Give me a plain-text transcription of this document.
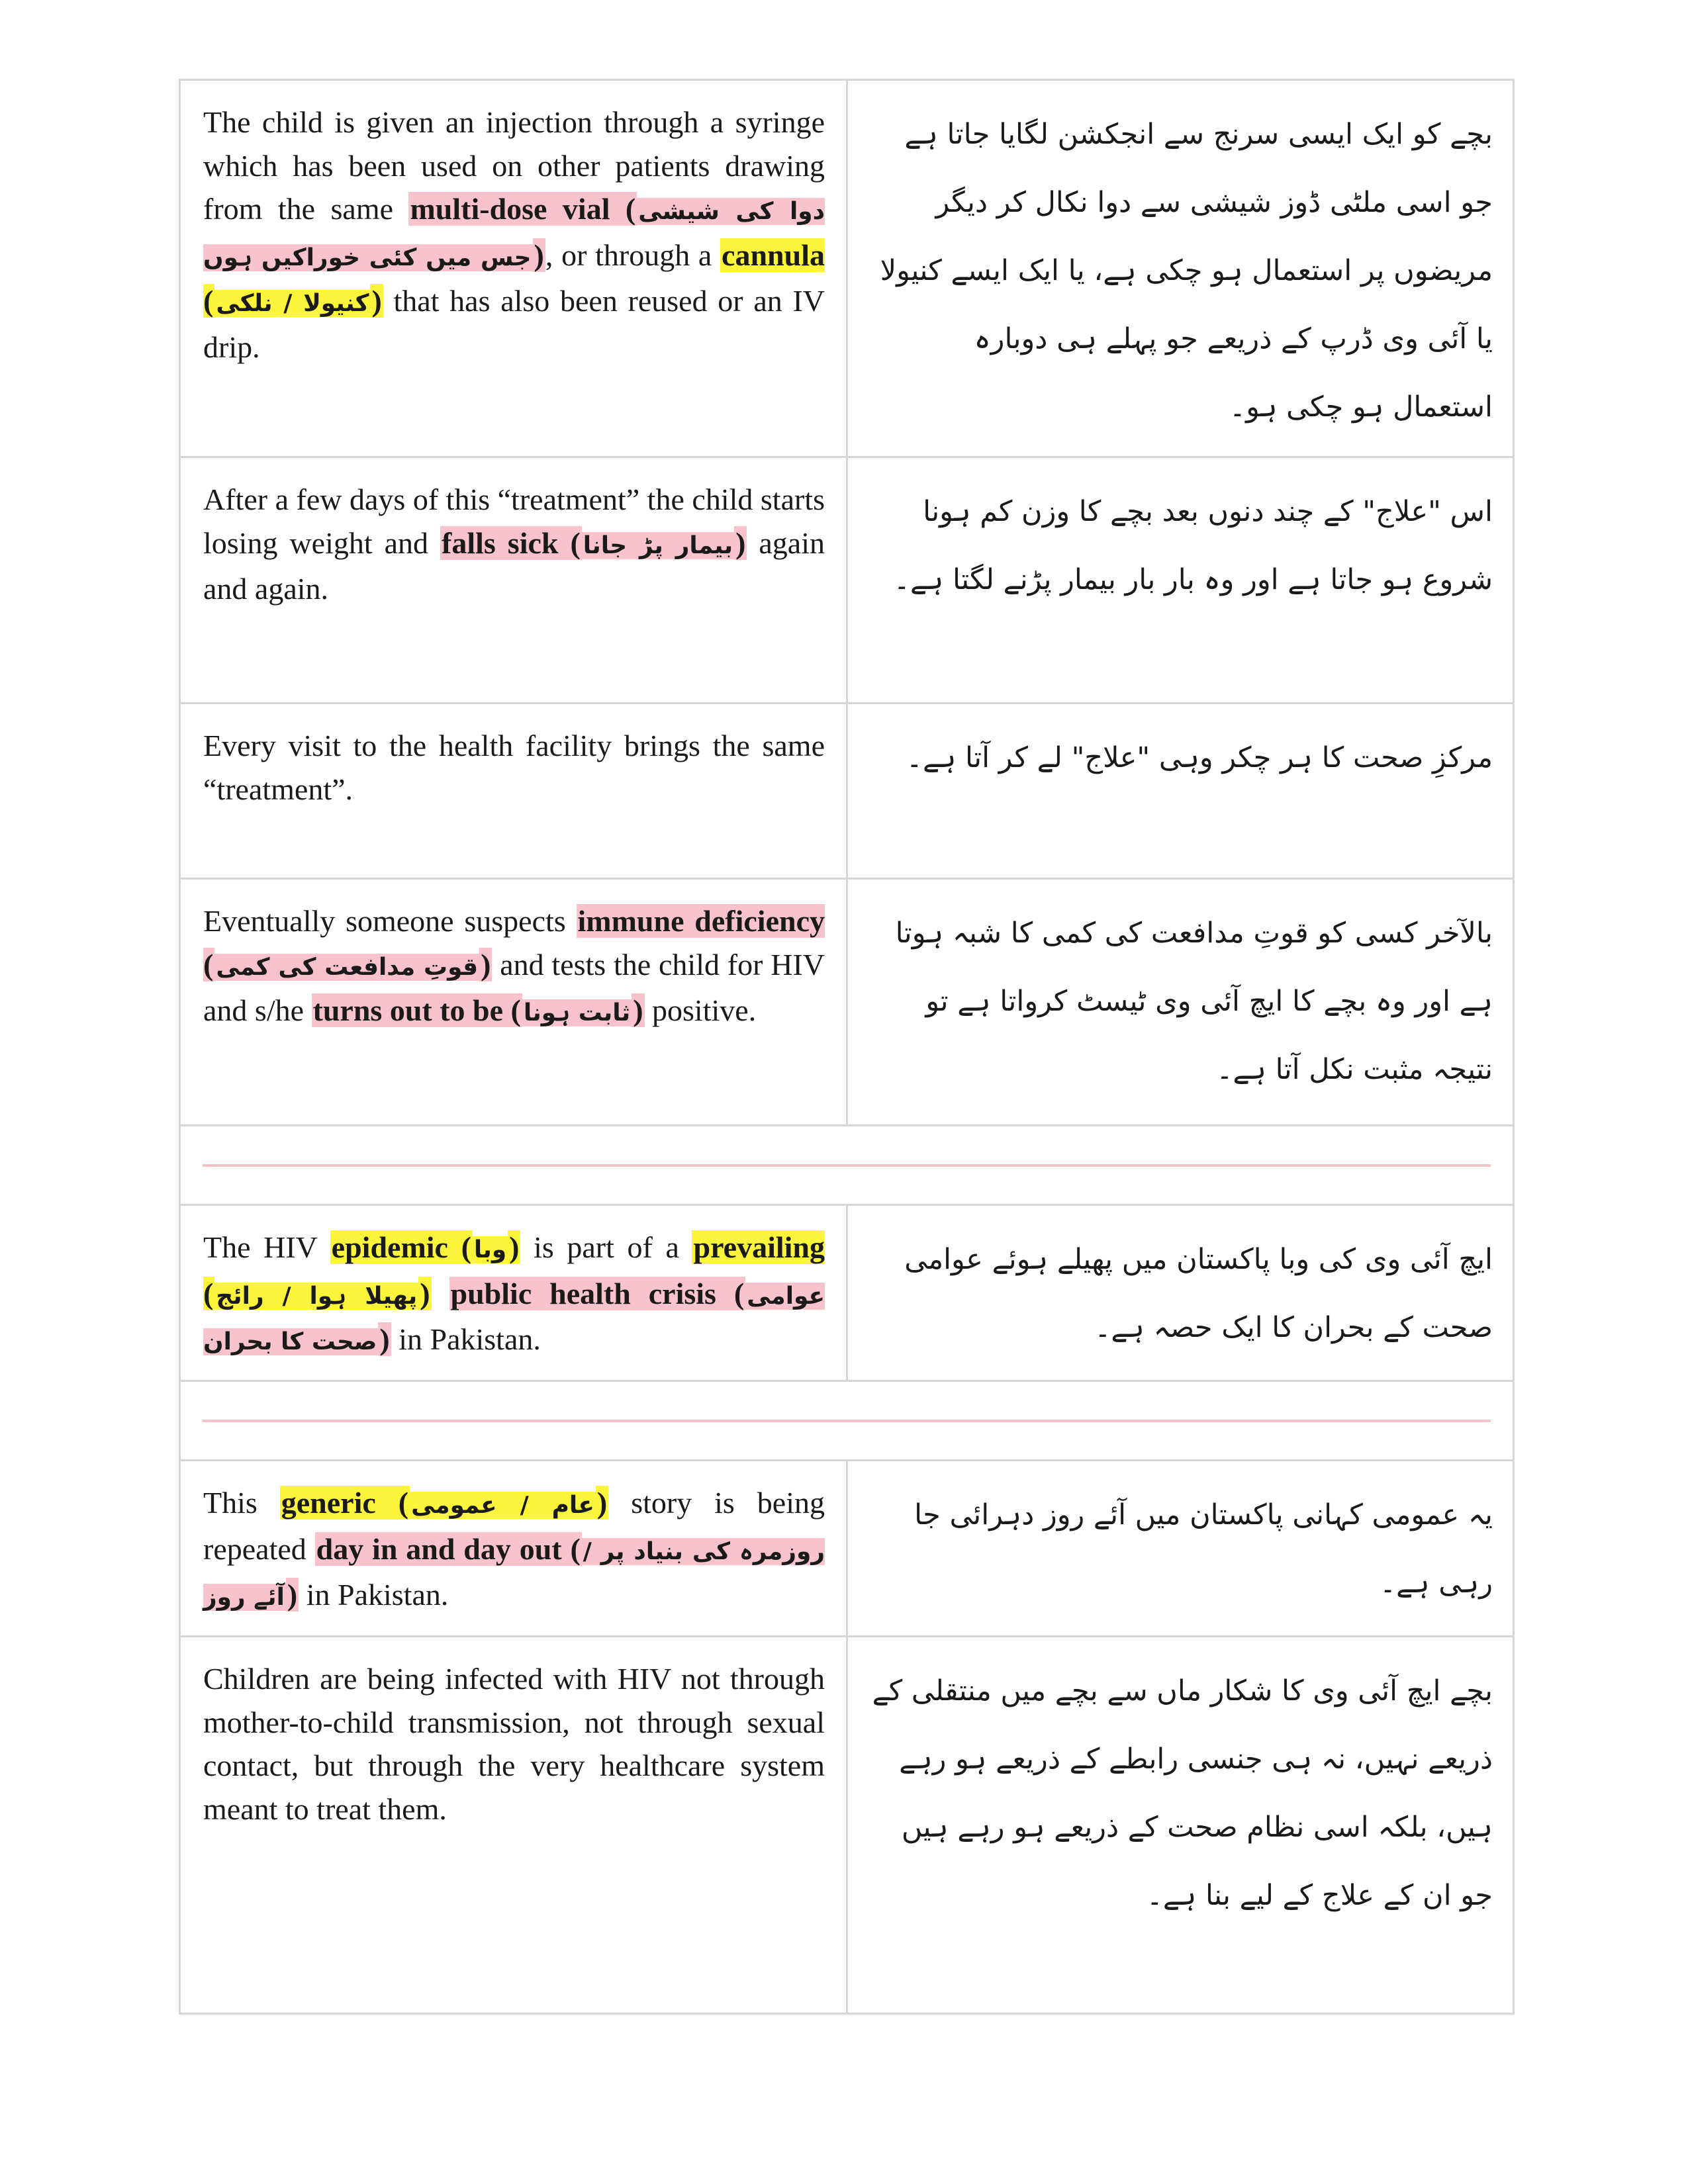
The child is given an injection through a syringe which has been used on other patients drawing from the same multi-dose vial ( دوا کی شیشی جس میں کئی خوراکیں ہوں), or through a cannula ( کنیولا / نلکی) that has also been reused or an IV drip.
بچے کو ایک ایسی سرنج سے انجکشن لگایا جاتا ہے جو اسی ملٹی ڈوز شیشی سے دوا نکال کر دیگر مریضوں پر استعمال ہو چکی ہے، یا ایک ایسے کنیولا یا آئی وی ڈرپ کے ذریعے جو پہلے ہی دوبارہ استعمال ہو چکی ہو۔
After a few days of this “treatment” the child starts losing weight and falls sick ( بیمار پڑ جانا) again and again.
اس "علاج" کے چند دنوں بعد بچے کا وزن کم ہونا شروع ہو جاتا ہے اور وہ بار بار بیمار پڑنے لگتا ہے۔
Every visit to the health facility brings the same “treatment”.
مرکزِ صحت کا ہر چکر وہی "علاج" لے کر آتا ہے۔
Eventually someone suspects immune deficiency ( قوتِ مدافعت کی کمی) and tests the child for HIV and s/he turns out to be ( ثابت ہونا) positive.
بالآخر کسی کو قوتِ مدافعت کی کمی کا شبہ ہوتا ہے اور وہ بچے کا ایچ آئی وی ٹیسٹ کرواتا ہے تو نتیجہ مثبت نکل آتا ہے۔
The HIV epidemic ( وبا) is part of a prevailing ( پھیلا ہوا / رائج) public health crisis ( عوامی صحت کا بحران) in Pakistan.
ایچ آئی وی کی وبا پاکستان میں پھیلے ہوئے عوامی صحت کے بحران کا ایک حصہ ہے۔
This generic ( عام / عمومی) story is being repeated day in and day out ( روزمرہ کی بنیاد پر / آئے روز) in Pakistan.
یہ عمومی کہانی پاکستان میں آئے روز دہرائی جا رہی ہے۔
Children are being infected with HIV not through mother-to-child transmission, not through sexual contact, but through the very healthcare system meant to treat them.
بچے ایچ آئی وی کا شکار ماں سے بچے میں منتقلی کے ذریعے نہیں، نہ ہی جنسی رابطے کے ذریعے ہو رہے ہیں، بلکہ اسی نظام صحت کے ذریعے ہو رہے ہیں جو ان کے علاج کے لیے بنا ہے۔
